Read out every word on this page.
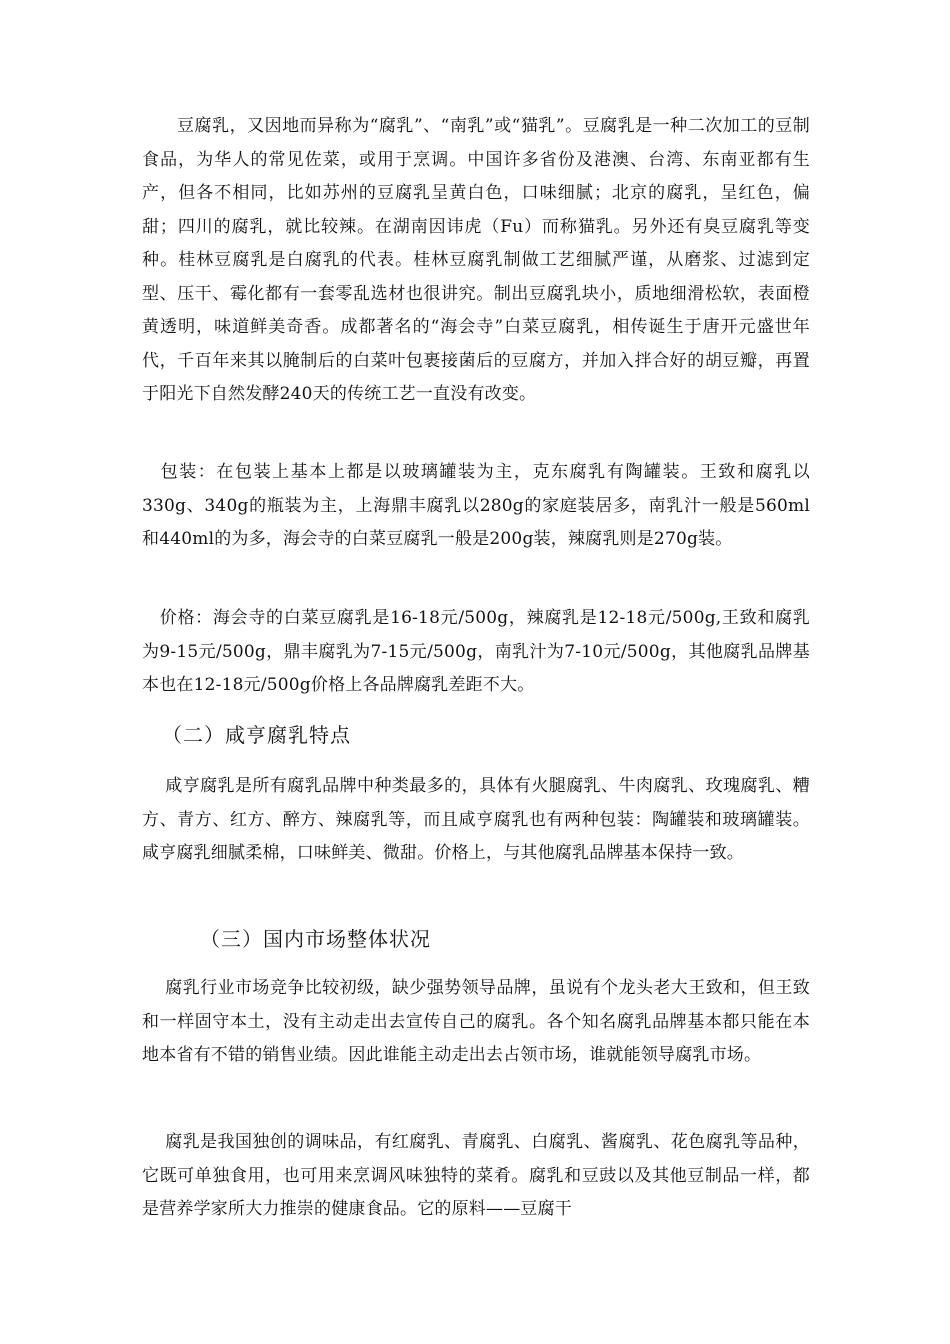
　　豆腐乳，又因地而异称为“腐乳”、“南乳”或“猫乳”。豆腐乳是一种二次加工的豆制食品，为华人的常见佐菜，或用于烹调。中国许多省份及港澳、台湾、东南亚都有生产，但各不相同，比如苏州的豆腐乳呈黄白色，口味细腻；北京的腐乳，呈红色，偏甜；四川的腐乳，就比较辣。在湖南因讳虎（Fu）而称猫乳。另外还有臭豆腐乳等变种。桂林豆腐乳是白腐乳的代表。桂林豆腐乳制做工艺细腻严谨，从磨浆、过滤到定型、压干、霉化都有一套零乱选材也很讲究。制出豆腐乳块小，质地细滑松软，表面橙黄透明，味道鲜美奇香。成都著名的“海会寺”白菜豆腐乳，相传诞生于唐开元盛世年代，千百年来其以腌制后的白菜叶包裹接菌后的豆腐方，并加入拌合好的胡豆瓣，再置于阳光下自然发酵240天的传统工艺一直没有改变。

　包装：在包装上基本上都是以玻璃罐装为主，克东腐乳有陶罐装。王致和腐乳以330g、340g的瓶装为主，上海鼎丰腐乳以280g的家庭装居多，南乳汁一般是560ml和440ml的为多，海会寺的白菜豆腐乳一般是200g装，辣腐乳则是270g装。

　价格：海会寺的白菜豆腐乳是16-18元/500g，辣腐乳是12-18元/500g,王致和腐乳为9-15元/500g，鼎丰腐乳为7-15元/500g，南乳汁为7-10元/500g，其他腐乳品牌基本也在12-18元/500g价格上各品牌腐乳差距不大。

（二）咸亨腐乳特点

　 咸亨腐乳是所有腐乳品牌中种类最多的，具体有火腿腐乳、牛肉腐乳、玫瑰腐乳、糟方、青方、红方、醉方、辣腐乳等，而且咸亨腐乳也有两种包装：陶罐装和玻璃罐装。咸亨腐乳细腻柔棉，口味鲜美、微甜。价格上，与其他腐乳品牌基本保持一致。

（三）国内市场整体状况

　 腐乳行业市场竞争比较初级，缺少强势领导品牌，虽说有个龙头老大王致和，但王致和一样固守本土，没有主动走出去宣传自己的腐乳。各个知名腐乳品牌基本都只能在本地本省有不错的销售业绩。因此谁能主动走出去占领市场，谁就能领导腐乳市场。

　 腐乳是我国独创的调味品，有红腐乳、青腐乳、白腐乳、酱腐乳、花色腐乳等品种，它既可单独食用，也可用来烹调风味独特的菜肴。腐乳和豆豉以及其他豆制品一样，都是营养学家所大力推崇的健康食品。它的原料——豆腐干
